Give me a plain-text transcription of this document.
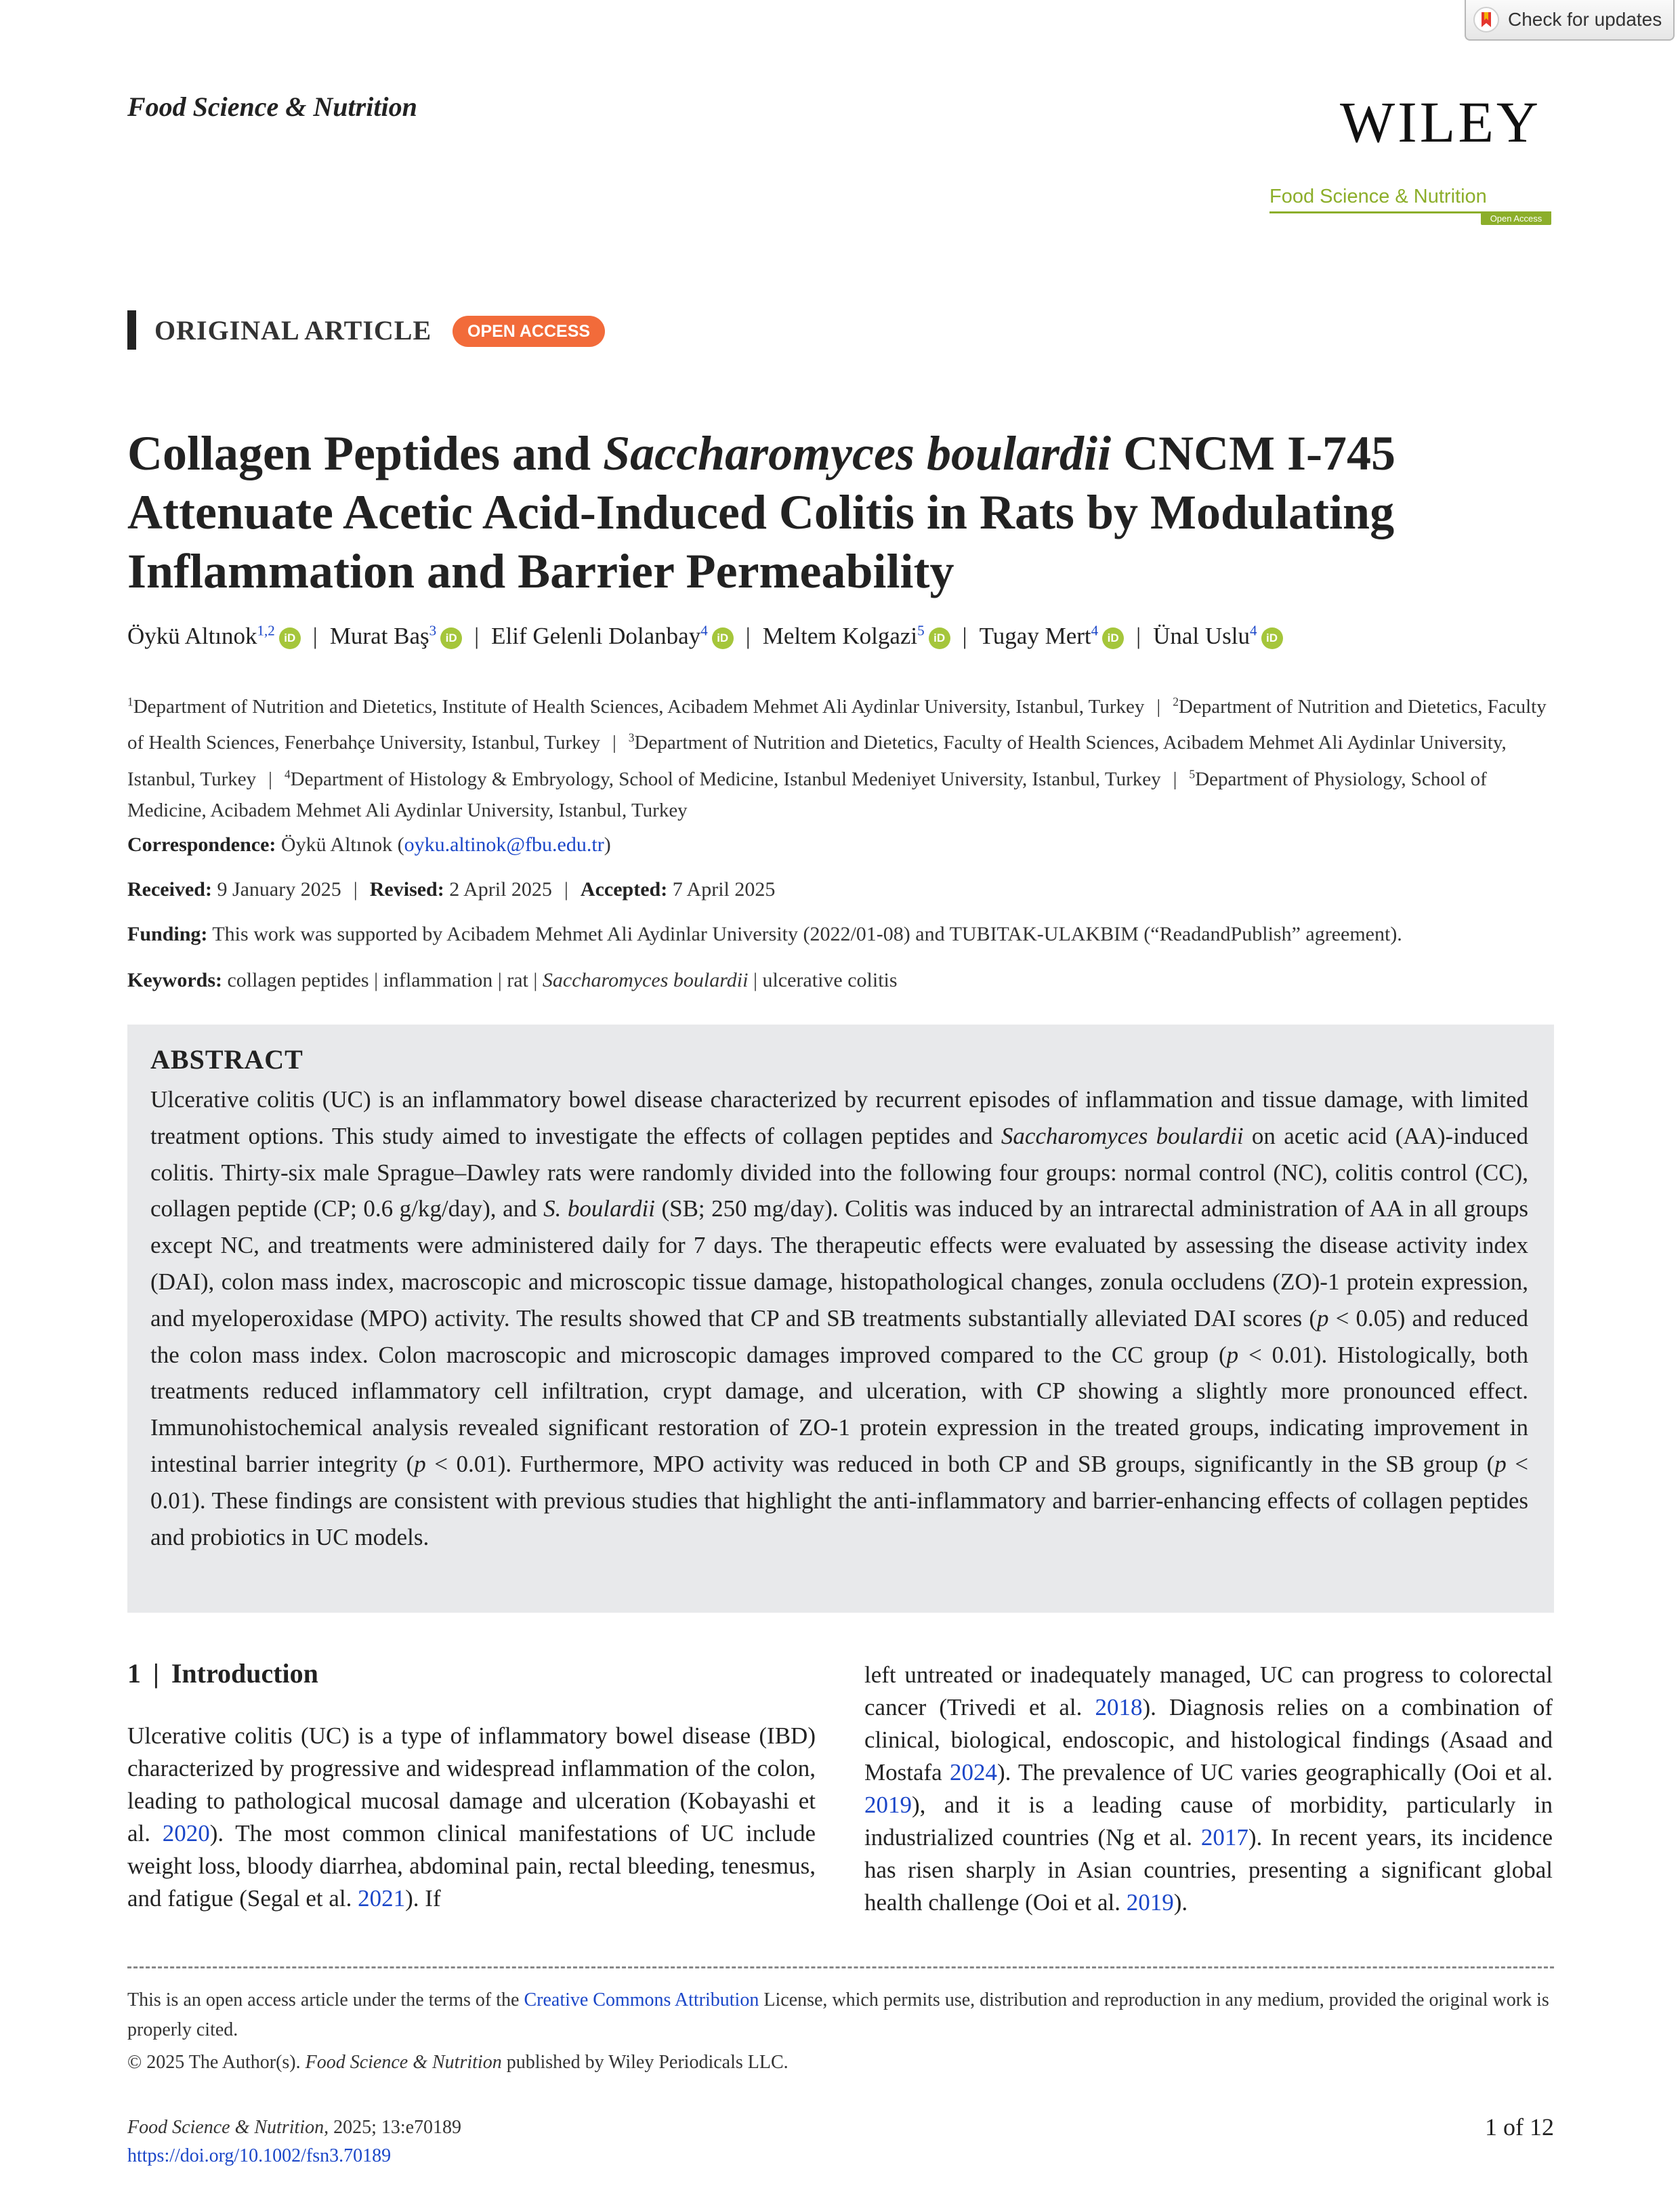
Check for updates
Food Science & Nutrition	WILEY
Food Science & Nutrition
Open Access
ORIGINAL ARTICLE	OPEN ACCESS
Collagen Peptides and Saccharomyces boulardii CNCM I-745 Attenuate Acetic Acid-Induced Colitis in Rats by Modulating Inflammation and Barrier Permeability
Öykü Altınok$^{1,2}$ iD | Murat Baş$^3$ iD | Elif Gelenli Dolanbay$^4$ iD | Meltem Kolgazi$^5$ iD | Tugay Mert$^4$ iD | Ünal Uslu$^4$ iD
$^1$Department of Nutrition and Dietetics, Institute of Health Sciences, Acibadem Mehmet Ali Aydinlar University, Istanbul, Turkey | $^2$Department of Nutrition and Dietetics, Faculty of Health Sciences, Fenerbahçe University, Istanbul, Turkey | $^3$Department of Nutrition and Dietetics, Faculty of Health Sciences, Acibadem Mehmet Ali Aydinlar University, Istanbul, Turkey | $^4$Department of Histology & Embryology, School of Medicine, Istanbul Medeniyet University, Istanbul, Turkey | $^5$Department of Physiology, School of Medicine, Acibadem Mehmet Ali Aydinlar University, Istanbul, Turkey
Correspondence: Öykü Altınok (oyku.altinok@fbu.edu.tr)
Received: 9 January 2025 | Revised: 2 April 2025 | Accepted: 7 April 2025
Funding: This work was supported by Acibadem Mehmet Ali Aydinlar University (2022/01-08) and TUBITAK-ULAKBIM (“ReadandPublish” agreement).
Keywords: collagen peptides | inflammation | rat | Saccharomyces boulardii | ulcerative colitis
ABSTRACT
Ulcerative colitis (UC) is an inflammatory bowel disease characterized by recurrent episodes of inflammation and tissue damage, with limited treatment options. This study aimed to investigate the effects of collagen peptides and Saccharomyces boulardii on acetic acid (AA)-induced colitis. Thirty-six male Sprague–Dawley rats were randomly divided into the following four groups: normal control (NC), colitis control (CC), collagen peptide (CP; 0.6 g/kg/day), and S. boulardii (SB; 250 mg/day). Colitis was induced by an intrarectal administration of AA in all groups except NC, and treatments were administered daily for 7 days. The therapeutic effects were evaluated by assessing the disease activity index (DAI), colon mass index, macroscopic and microscopic tissue damage, histopathological changes, zonula occludens (ZO)-1 protein expression, and myeloperoxidase (MPO) activity. The results showed that CP and SB treatments substantially alleviated DAI scores (p < 0.05) and reduced the colon mass index. Colon macroscopic and microscopic damages improved compared to the CC group (p < 0.01). Histologically, both treatments reduced inflammatory cell infiltration, crypt damage, and ulceration, with CP showing a slightly more pronounced effect. Immunohistochemical analysis revealed significant restoration of ZO-1 protein expression in the treated groups, indicating improvement in intestinal barrier integrity (p < 0.01). Furthermore, MPO activity was reduced in both CP and SB groups, significantly in the SB group (p < 0.01). These findings are consistent with previous studies that highlight the anti-inflammatory and barrier-enhancing effects of collagen peptides and probiotics in UC models.
1 | Introduction
Ulcerative colitis (UC) is a type of inflammatory bowel disease (IBD) characterized by progressive and widespread inflammation of the colon, leading to pathological mucosal damage and ulceration (Kobayashi et al. 2020). The most common clinical manifestations of UC include weight loss, bloody diarrhea, abdominal pain, rectal bleeding, tenesmus, and fatigue (Segal et al. 2021). If
left untreated or inadequately managed, UC can progress to colorectal cancer (Trivedi et al. 2018). Diagnosis relies on a combination of clinical, biological, endoscopic, and histological findings (Asaad and Mostafa 2024). The prevalence of UC varies geographically (Ooi et al. 2019), and it is a leading cause of morbidity, particularly in industrialized countries (Ng et al. 2017). In recent years, its incidence has risen sharply in Asian countries, presenting a significant global health challenge (Ooi et al. 2019).
This is an open access article under the terms of the Creative Commons Attribution License, which permits use, distribution and reproduction in any medium, provided the original work is properly cited.
© 2025 The Author(s). Food Science & Nutrition published by Wiley Periodicals LLC.
Food Science & Nutrition, 2025; 13:e70189
https://doi.org/10.1002/fsn3.70189
1 of 12
